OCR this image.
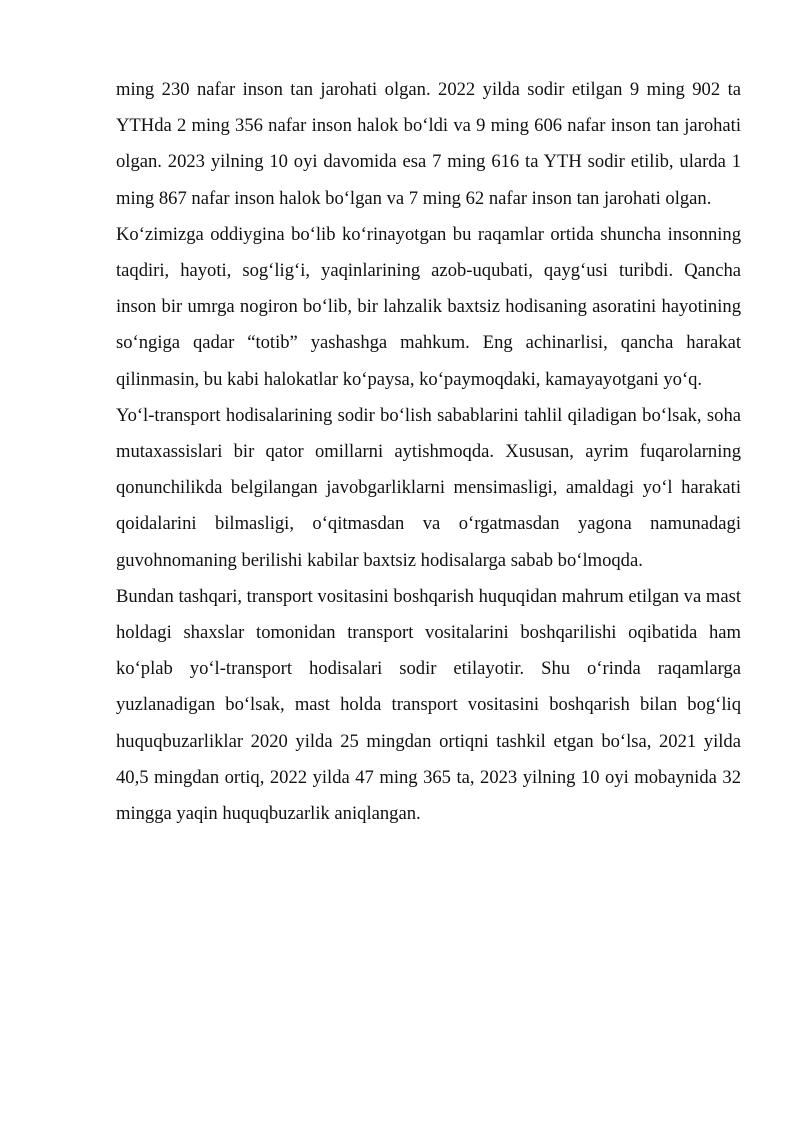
ming 230 nafar inson tan jarohati olgan. 2022 yilda sodir etilgan 9 ming 902 ta YTHda 2 ming 356 nafar inson halok boʻldi va 9 ming 606 nafar inson tan jarohati olgan. 2023 yilning 10 oyi davomida esa 7 ming 616 ta YTH sodir etilib, ularda 1 ming 867 nafar inson halok boʻlgan va 7 ming 62 nafar inson tan jarohati olgan.

Koʻzimizga oddiygina boʻlib koʻrinayotgan bu raqamlar ortida shuncha insonning taqdiri, hayoti, sogʻligʻi, yaqinlarining azob-uqubati, qaygʻusi turibdi. Qancha inson bir umrga nogiron boʻlib, bir lahzalik baxtsiz hodisaning asoratini hayotining soʻngiga qadar “totib” yashashga mahkum. Eng achinarlisi, qancha harakat qilinmasin, bu kabi halokatlar koʻpaysa, koʻpaymoqdaki, kamayayotgani yoʻq.

Yoʻl-transport hodisalarining sodir boʻlish sabablarini tahlil qiladigan boʻlsak, soha mutaxassislari bir qator omillarni aytishmoqda. Xususan, ayrim fuqarolarning qonunchilikda belgilangan javobgarliklarni mensimasligi, amaldagi yoʻl harakati qoidalarini bilmasligi, oʻqitmasdan va oʻrgatmasdan yagona namunadagi guvohnomaning berilishi kabilar baxtsiz hodisalarga sabab boʻlmoqda.

Bundan tashqari, transport vositasini boshqarish huquqidan mahrum etilgan va mast holdagi shaxslar tomonidan transport vositalarini boshqarilishi oqibatida ham koʻplab yoʻl-transport hodisalari sodir etilayotir. Shu oʻrinda raqamlarga yuzlanadigan boʻlsak, mast holda transport vositasini boshqarish bilan bogʻliq huquqbuzarliklar 2020 yilda 25 mingdan ortiqni tashkil etgan boʻlsa, 2021 yilda 40,5 mingdan ortiq, 2022 yilda 47 ming 365 ta, 2023 yilning 10 oyi mobaynida 32 mingga yaqin huquqbuzarlik aniqlangan.
